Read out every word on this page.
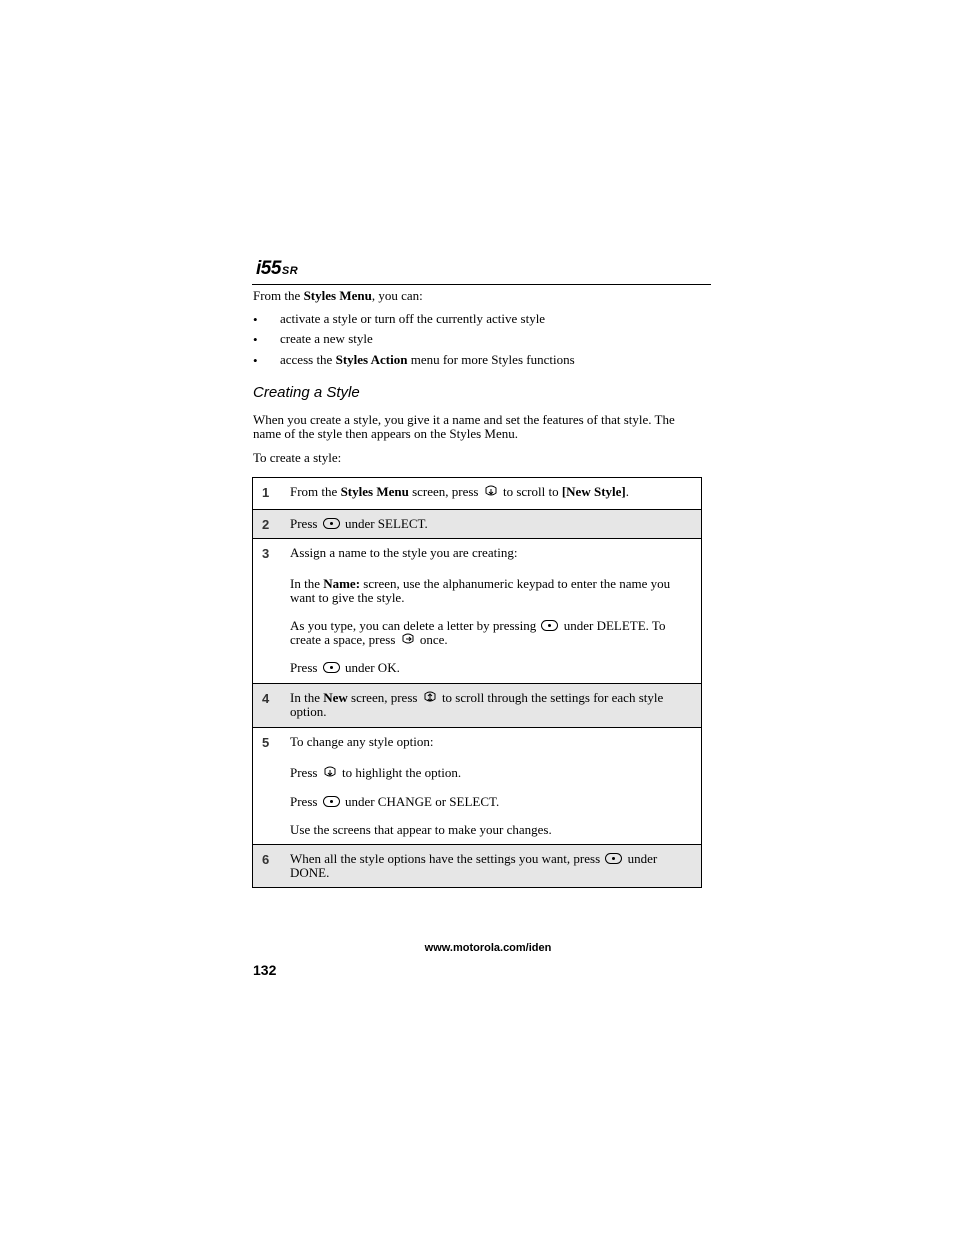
i55SR
From the Styles Menu, you can:
• activate a style or turn off the currently active style
• create a new style
• access the Styles Action menu for more Styles functions
Creating a Style
When you create a style, you give it a name and set the features of that style. The
name of the style then appears on the Styles Menu.
To create a style:
1 From the Styles Menu screen, press  to scroll to [New Style].

2 Press  under SELECT.

3 Assign a name to the style you are creating:

In the Name: screen, use the alphanumeric keypad to enter the name you want to give the style.

As you type, you can delete a letter by pressing  under DELETE. To create a space, press  once.

Press  under OK.

4 In the New screen, press  to scroll through the settings for each style option.

5 To change any style option:

Press  to highlight the option.

Press  under CHANGE or SELECT.

Use the screens that appear to make your changes.

6 When all the style options have the settings you want, press  under DONE.

www.motorola.com/iden
132
